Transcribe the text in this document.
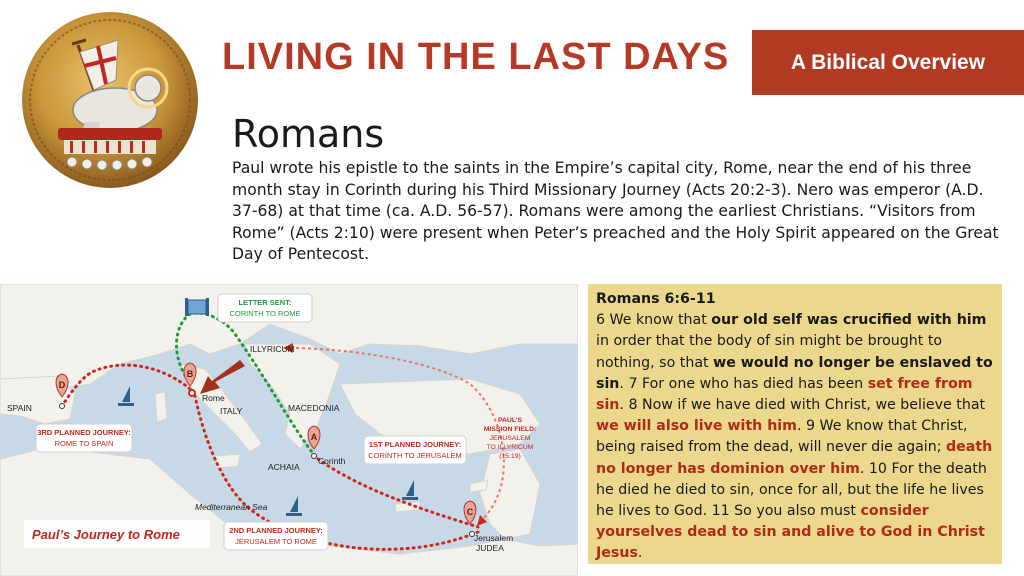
LIVING IN THE LAST DAYS	A Biblical Overview
Romans
Paul wrote his epistle to the saints in the Empire’s capital city, Rome, near the end of his three month stay in Corinth during his Third Missionary Journey (Acts 20:2-3). Nero was emperor (A.D. 37-68) at that time (ca. A.D. 56-57). Romans were among the earliest Christians. “Visitors from Rome” (Acts 2:10) were present when Peter’s preached and the Holy Spirit appeared on the Great Day of Pentecost.
D
B
A
C
SPAIN	ITALY
Rome
ILLYRICUM
MACEDONIA
ACHAIA
Corinth
Jerusalem
JUDEA
Mediterranean Sea
LETTER SENT:
CORINTH TO ROME
3RD PLANNED JOURNEY:
ROME TO SPAIN	1ST PLANNED JOURNEY:
CORINTH TO JERUSALEM
2ND PLANNED JOURNEY:
JERUSALEM TO ROME
PAUL’S
MISSION FIELD:
JERUSALEM
TO ILLYRICUM
(15:19)
Paul’s Journey to Rome
Romans 6:6-11
6 We know that our old self was crucified with him in order that the body of sin might be brought to nothing, so that we would no longer be enslaved to sin. 7 For one who has died has been set free from sin. 8 Now if we have died with Christ, we believe that we will also live with him. 9 We know that Christ, being raised from the dead, will never die again; death no longer has dominion over him. 10 For the death he died he died to sin, once for all, but the life he lives he lives to God. 11 So you also must consider yourselves dead to sin and alive to God in Christ Jesus.
